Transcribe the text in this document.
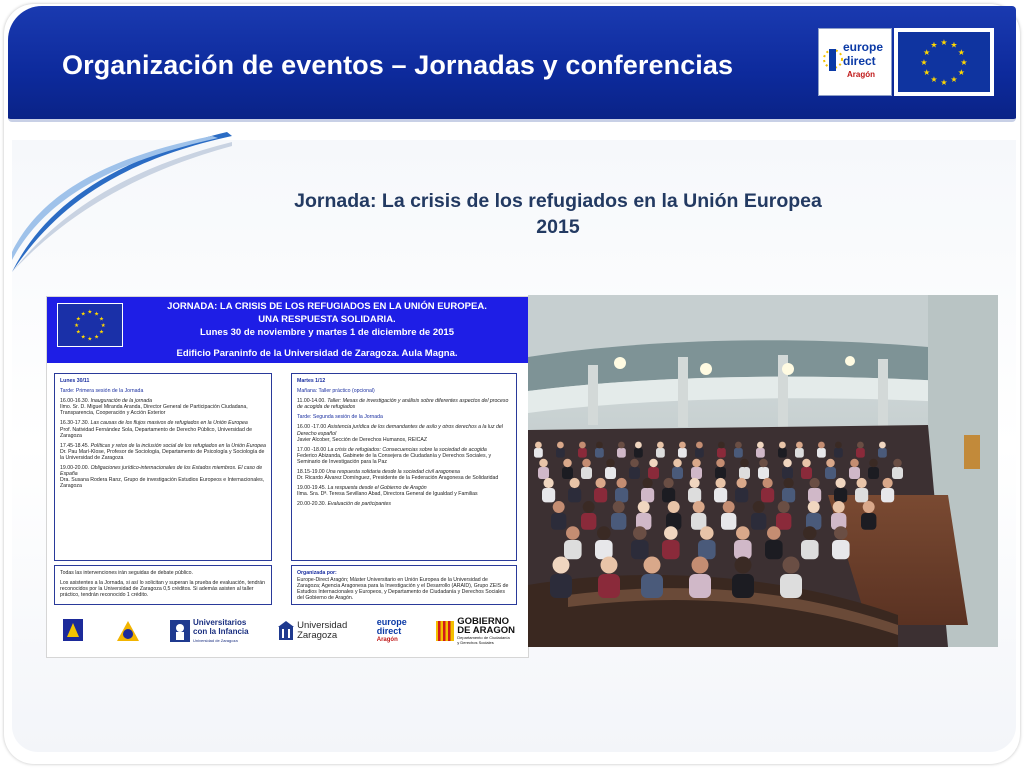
Organización de eventos – Jornadas y conferencias
europe
direct
Aragón
★ ★
★
★
★
★
★
★
★
★
★
★
Jornada: La crisis de los refugiados en la Unión Europea
2015
★ ★
★
★
★
★
★
★
★
★
★
★
JORNADA: LA CRISIS DE LOS REFUGIADOS EN LA UNIÓN EUROPEA.
UNA RESPUESTA SOLIDARIA.
Lunes 30 de noviembre y martes 1 de diciembre de 2015
Edificio Paraninfo de la Universidad de Zaragoza. Aula Magna.

Lunes 30/11

Tarde: Primera sesión de la Jornada

16.00-16.30. Inauguración de la jornada
Ilmo. Sr. D. Miguel Miranda Aranda, Director General de Participación Ciudadana, Transparencia, Cooperación y Acción Exterior

16.30-17.30. Las causas de los flujos masivos de refugiados en la Unión Europea
Prof. Natividad Fernández Sola, Departamento de Derecho Público, Universidad de Zaragoza

17.45-18.45. Políticas y retos de la inclusión social de los refugiados en la Unión Europea
Dr. Pau Marí-Klose, Profesor de Sociología, Departamento de Psicología y Sociología de la Universidad de Zaragoza

19.00-20.00. Obligaciones jurídico-internacionales de los Estados miembros. El caso de España
Dra. Susana Rodera Ranz, Grupo de investigación Estudios Europeos e Internacionales, Zaragoza

Martes 1/12

Mañana: Taller práctico (opcional)

11.00-14.00. Taller: Mesas de investigación y análisis sobre diferentes aspectos del proceso de acogida de refugiados

Tarde: Segunda sesión de la Jornada

16.00 -17.00 Asistencia jurídica de los demandantes de asilo y otros derechos a la luz del Derecho español
Javier Alcober, Sección de Derechos Humanos, REICAZ

17.00 -18.00 La crisis de refugiados: Consecuencias sobre la sociedad de acogida
Federico Abizanda, Gabinete de la Consejera de Ciudadanía y Derechos Sociales, y Seminario de Investigación para la Paz

18.15-19.00 Una respuesta solidaria desde la sociedad civil aragonesa
Dr. Ricardo Álvarez Domínguez, Presidente de la Federación Aragonesa de Solidaridad

19.00-19.45. La respuesta desde el Gobierno de Aragón
Ilma. Sra. Dª. Teresa Sevillano Abad, Directora General de Igualdad y Familias

20.00-20.30. Evaluación de participantes

Todas las intervenciones irán seguidas de debate público.

Los asistentes a la Jornada, si así lo solicitan y superan la prueba de evaluación, tendrán reconocidos por la Universidad de Zaragoza 0,5 créditos. Si además asisten al taller práctico, tendrán reconocido 1 crédito.

Organizada por:

Europe-Direct Aragón; Máster Universitario en Unión Europea de la Universidad de Zaragoza; Agencia Aragonesa para la Investigación y el Desarrollo (ARAID), Grupo ZEIS de Estudios Internacionales y Europeos, y Departamento de Ciudadanía y Derechos Sociales del Gobierno de Aragón.

Universitarios
con la Infancia
Universidad de Zaragoza
Universidad
Zaragoza
europe
direct
Aragón
GOBIERNO
DE ARAGON
Departamento de Ciudadanía
y Derechos Sociales
